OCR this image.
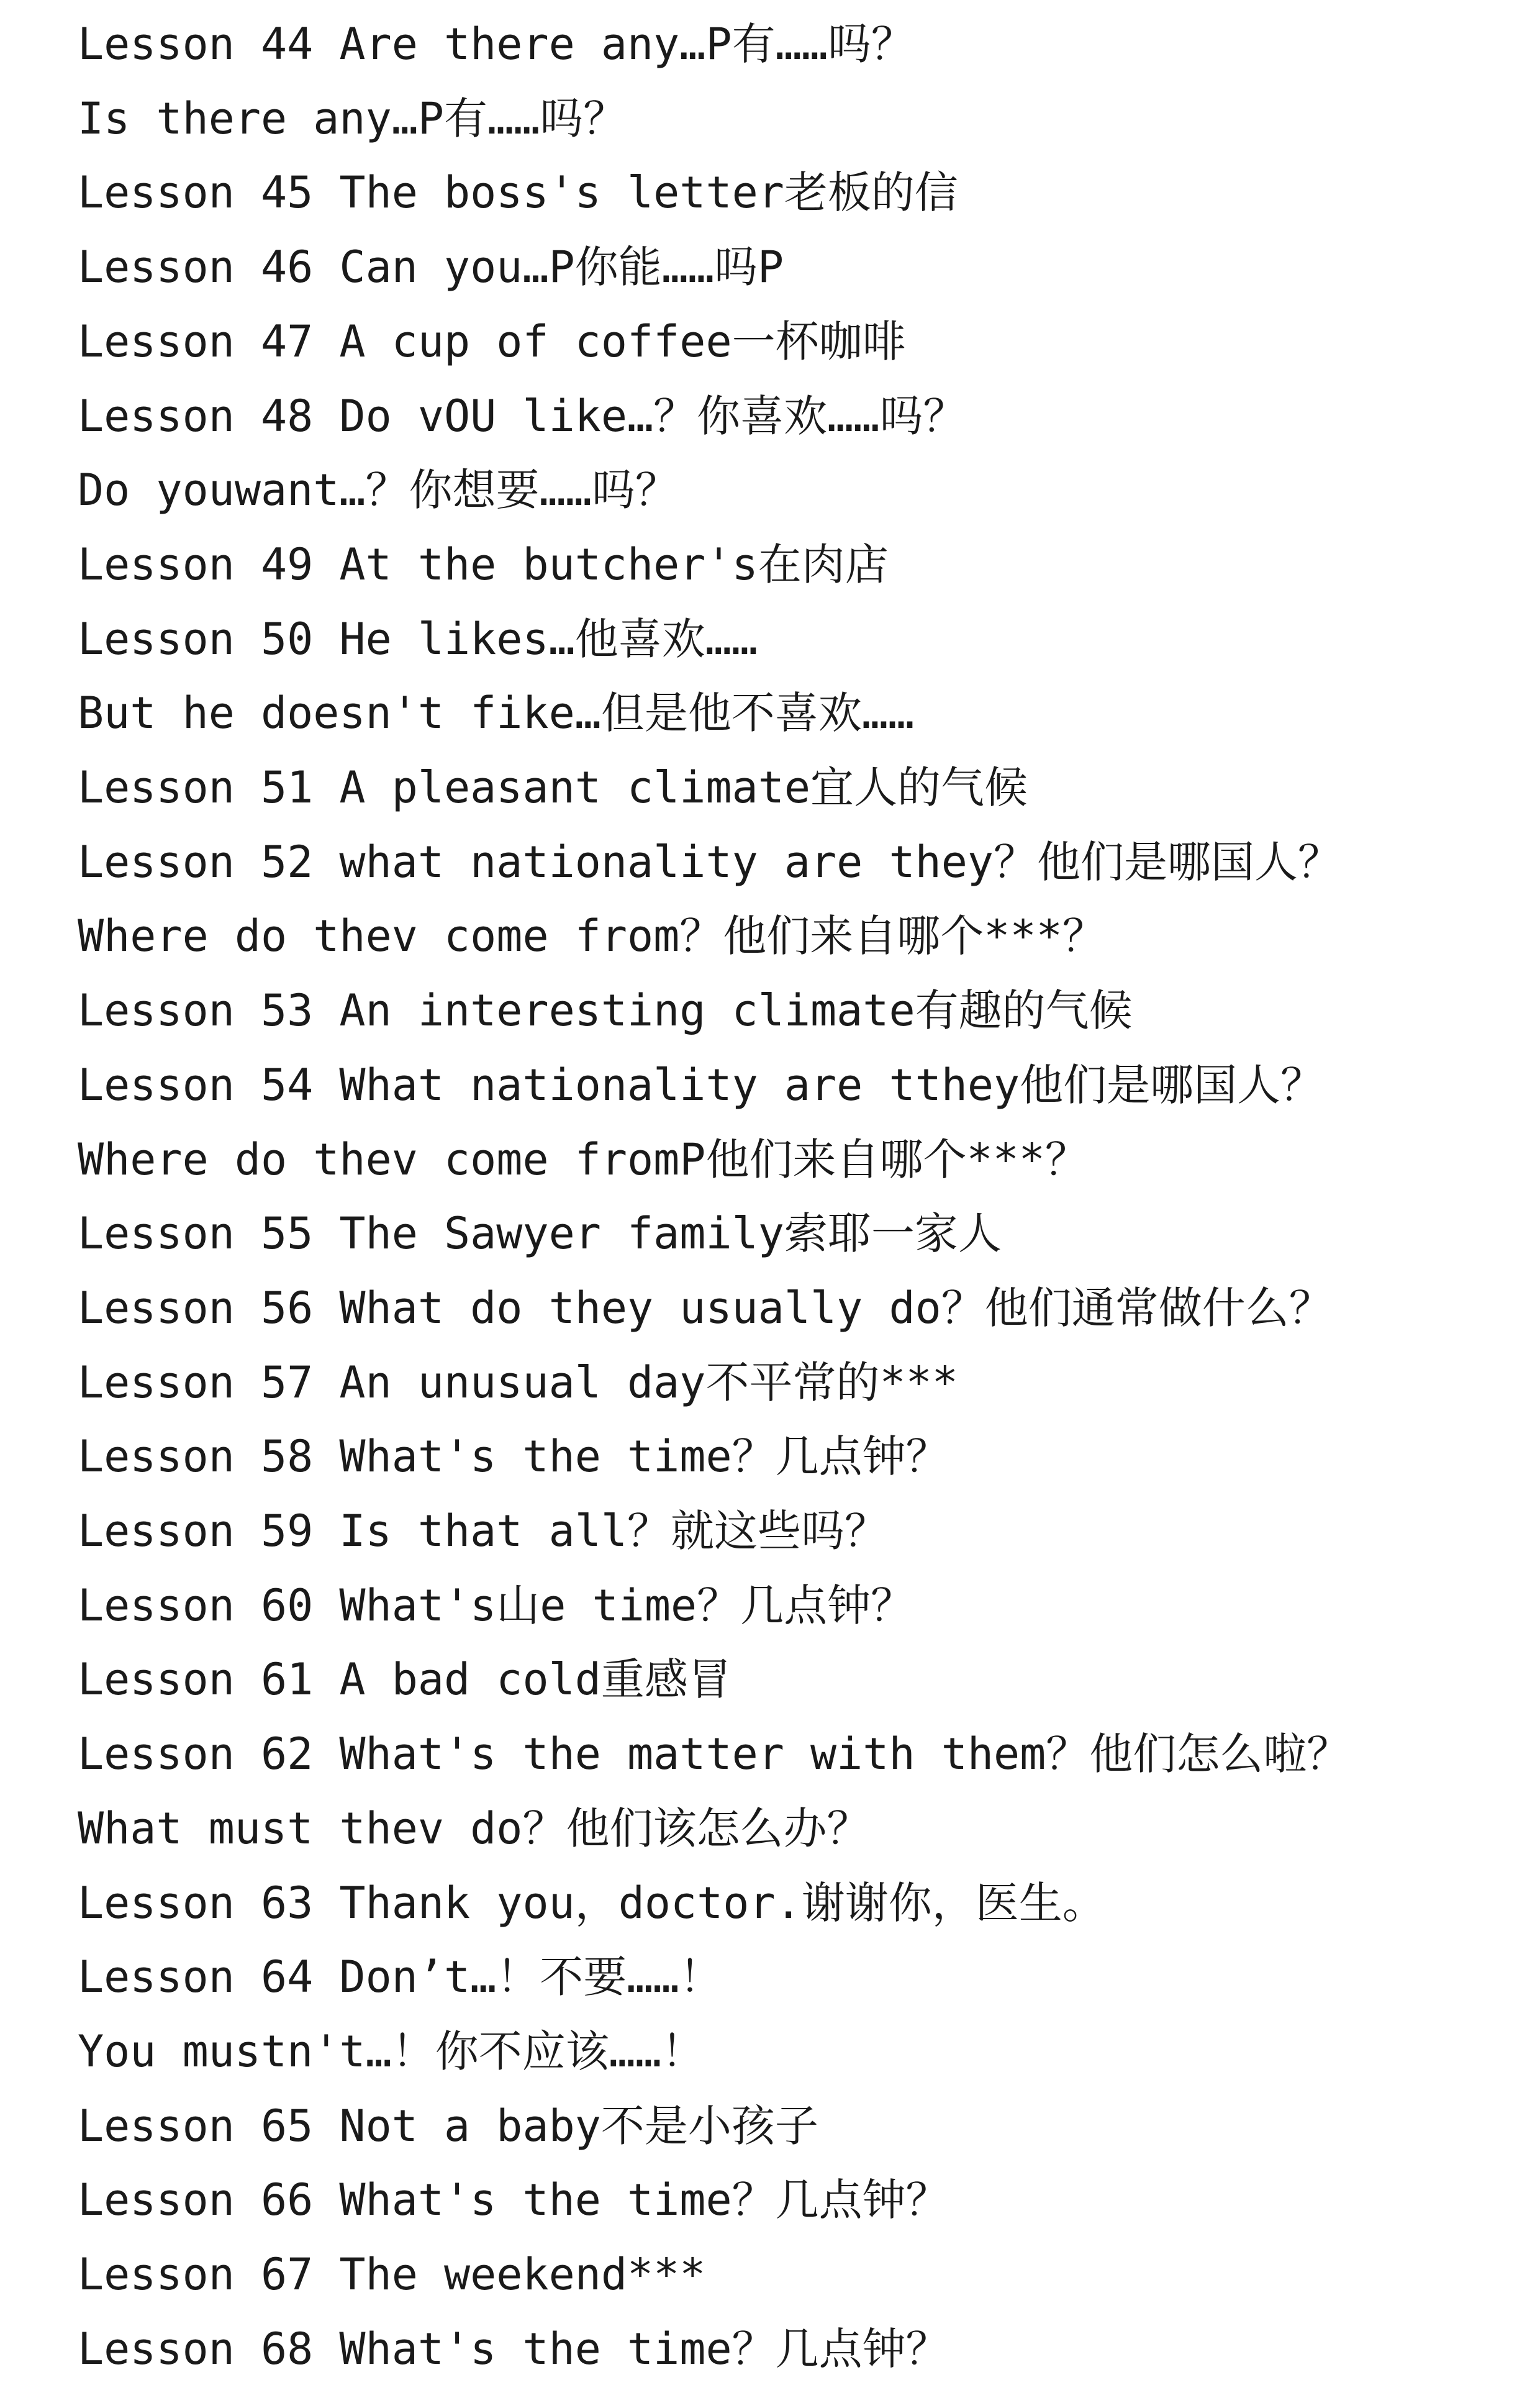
Lesson 44 Are there any…P有……吗？
Is there any…P有……吗？
Lesson 45 The boss's letter老板的信
Lesson 46 Can you…P你能……吗P
Lesson 47 A cup of coffee一杯咖啡
Lesson 48 Do vOU like…？你喜欢……吗？
Do youwant…？你想要……吗？
Lesson 49 At the butcher's在肉店
Lesson 50 He likes…他喜欢……
But he doesn't fike…但是他不喜欢……
Lesson 51 A pleasant climate宜人的气候
Lesson 52 what nationality are they？他们是哪国人？
Where do thev come from？他们来自哪个***？
Lesson 53 An interesting climate有趣的气候
Lesson 54 What nationality are tthey他们是哪国人？
Where do thev come fromP他们来自哪个***？
Lesson 55 The Sawyer family索耶一家人
Lesson 56 What do they usually do？他们通常做什么？
Lesson 57 An unusual day不平常的***
Lesson 58 What's the time？几点钟？
Lesson 59 Is that all？就这些吗？
Lesson 60 What's山e time？几点钟？
Lesson 61 A bad cold重感冒
Lesson 62 What's the matter with them？他们怎么啦？
What must thev do？他们该怎么办？
Lesson 63 Thank you，doctor.谢谢你，医生。
Lesson 64 Don’t…！不要……！
You mustn't…！你不应该……！
Lesson 65 Not a baby不是小孩子
Lesson 66 What's the time？几点钟？
Lesson 67 The weekend***
Lesson 68 What's the time？几点钟？
